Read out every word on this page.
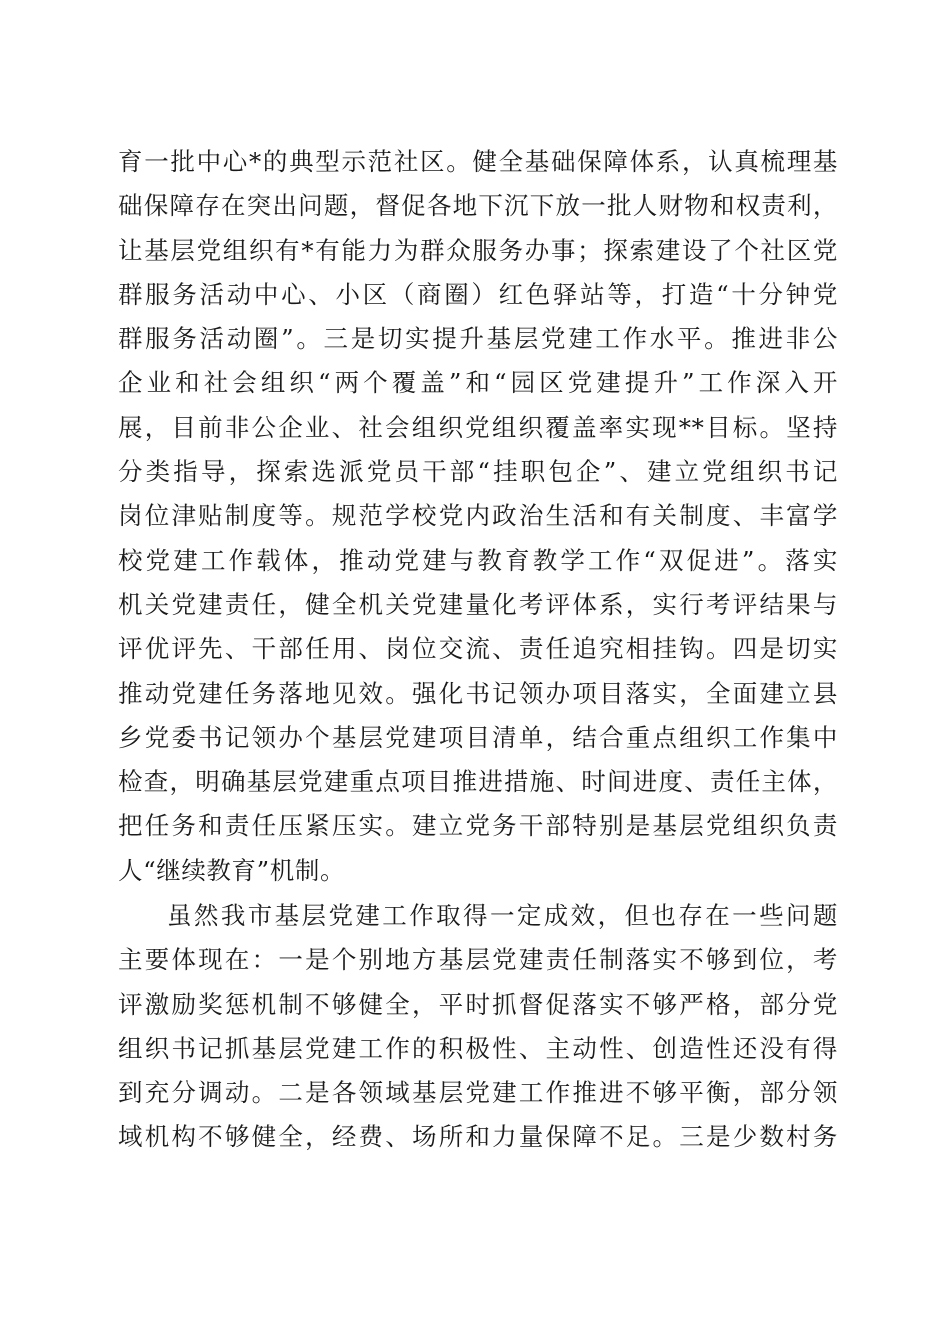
育一批中心*的典型示范社区。健全基础保障体系，认真梳理基
础保障存在突出问题，督促各地下沉下放一批人财物和权责利，
让基层党组织有*有能力为群众服务办事；探索建设了个社区党
群服务活动中心、小区（商圈）红色驿站等，打造“十分钟党
群服务活动圈”。三是切实提升基层党建工作水平。推进非公
企业和社会组织“两个覆盖”和“园区党建提升”工作深入开
展，目前非公企业、社会组织党组织覆盖率实现**目标。坚持
分类指导，探索选派党员干部“挂职包企”、建立党组织书记
岗位津贴制度等。规范学校党内政治生活和有关制度、丰富学
校党建工作载体，推动党建与教育教学工作“双促进”。落实
机关党建责任，健全机关党建量化考评体系，实行考评结果与
评优评先、干部任用、岗位交流、责任追究相挂钩。四是切实
推动党建任务落地见效。强化书记领办项目落实，全面建立县
乡党委书记领办个基层党建项目清单，结合重点组织工作集中
检查，明确基层党建重点项目推进措施、时间进度、责任主体，
把任务和责任压紧压实。建立党务干部特别是基层党组织负责
人“继续教育”机制。
虽然我市基层党建工作取得一定成效，但也存在一些问题
主要体现在：一是个别地方基层党建责任制落实不够到位，考
评激励奖惩机制不够健全，平时抓督促落实不够严格，部分党
组织书记抓基层党建工作的积极性、主动性、创造性还没有得
到充分调动。二是各领域基层党建工作推进不够平衡，部分领
域机构不够健全，经费、场所和力量保障不足。三是少数村务
